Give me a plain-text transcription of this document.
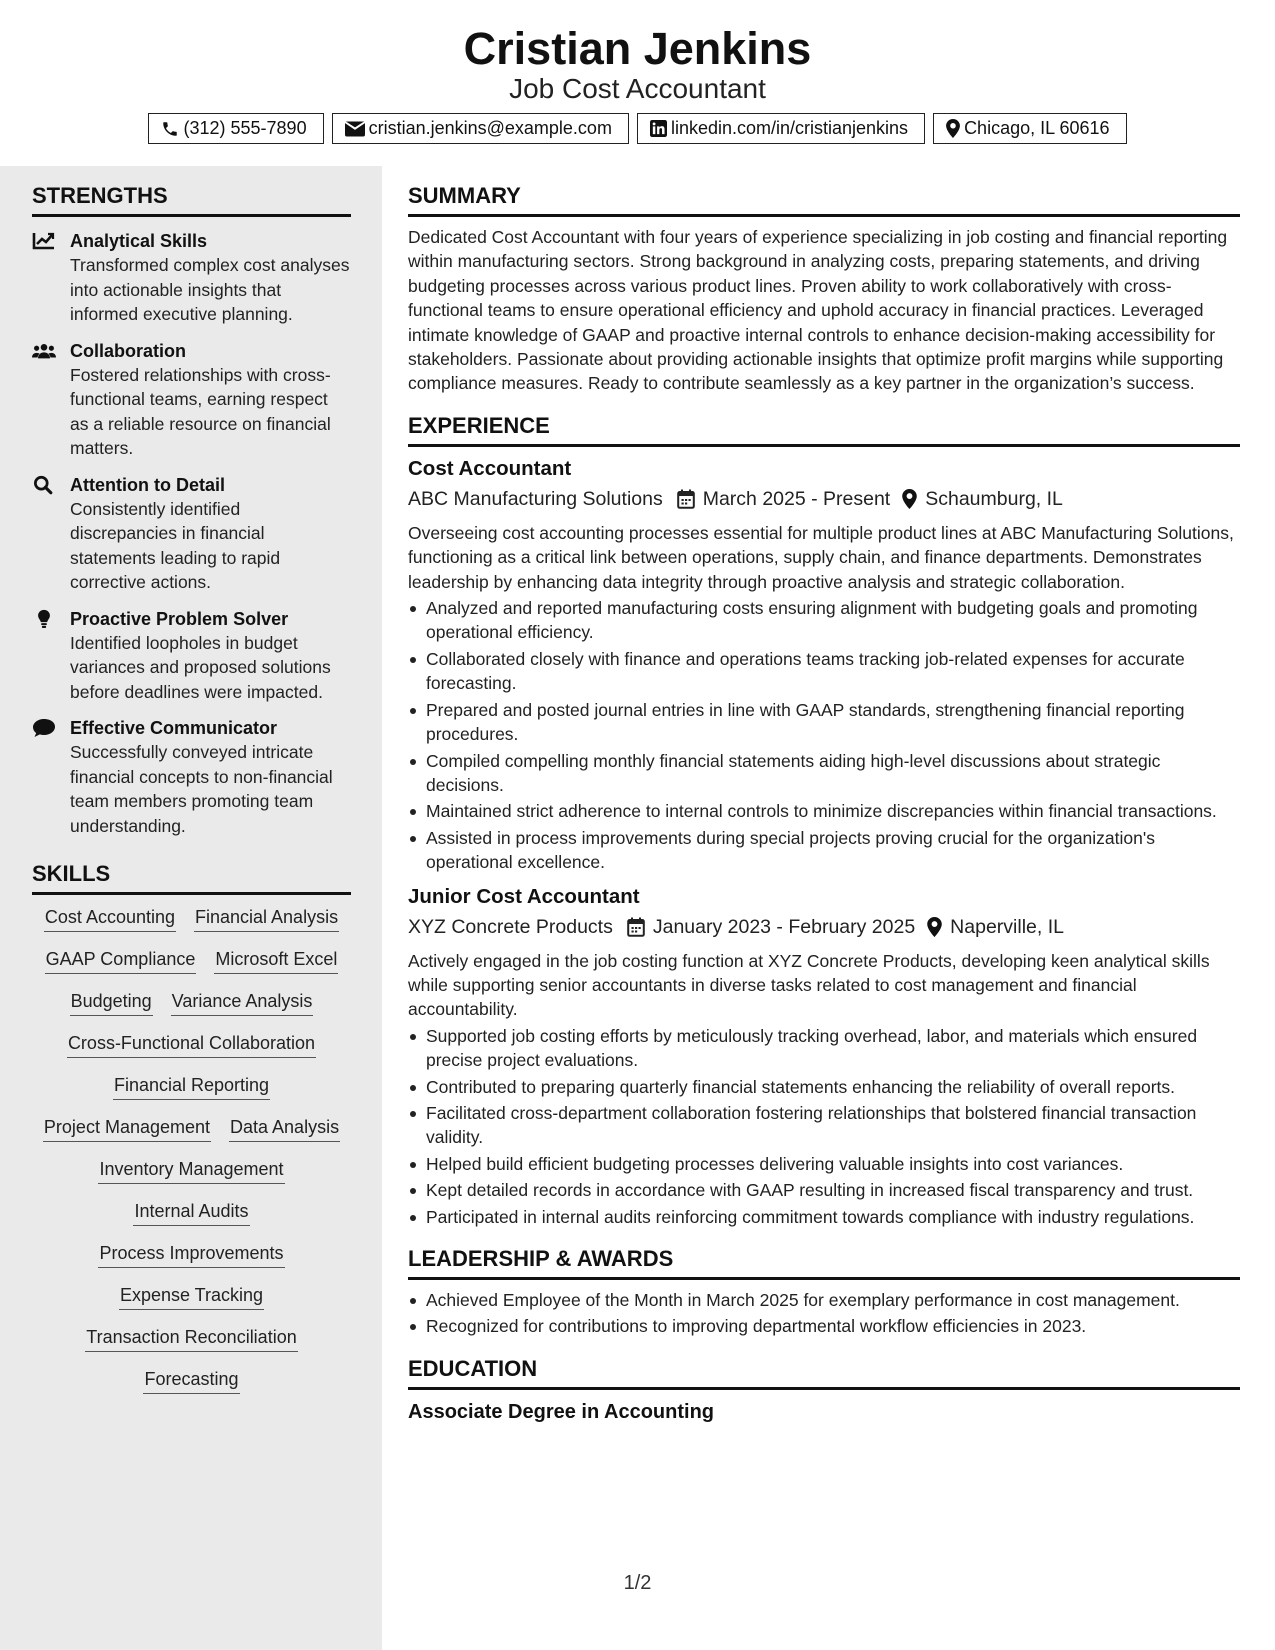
Cristian Jenkins
Job Cost Accountant
(312) 555-7890	cristian.jenkins@example.com	linkedin.com/in/cristianjenkins	Chicago, IL 60616
STRENGTHS
Analytical Skills
Transformed complex cost analyses into actionable insights that informed executive planning.
Collaboration
Fostered relationships with cross-functional teams, earning respect as a reliable resource on financial matters.
Attention to Detail
Consistently identified discrepancies in financial statements leading to rapid corrective actions.
Proactive Problem Solver
Identified loopholes in budget variances and proposed solutions before deadlines were impacted.
Effective Communicator
Successfully conveyed intricate financial concepts to non-financial team members promoting team understanding.
SKILLS
Cost Accounting Financial Analysis
GAAP Compliance Microsoft Excel
Budgeting Variance Analysis
Cross-Functional Collaboration
Financial Reporting
Project Management Data Analysis
Inventory Management
Internal Audits
Process Improvements
Expense Tracking
Transaction Reconciliation
Forecasting
SUMMARY
Dedicated Cost Accountant with four years of experience specializing in job costing and financial reporting within manufacturing sectors. Strong background in analyzing costs, preparing statements, and driving budgeting processes across various product lines. Proven ability to work collaboratively with cross-functional teams to ensure operational efficiency and uphold accuracy in financial practices. Leveraged intimate knowledge of GAAP and proactive internal controls to enhance decision-making accessibility for stakeholders. Passionate about providing actionable insights that optimize profit margins while supporting compliance measures. Ready to contribute seamlessly as a key partner in the organization’s success.
EXPERIENCE
Cost Accountant
ABC Manufacturing Solutions March 2025 - Present Schaumburg, IL
Overseeing cost accounting processes essential for multiple product lines at ABC Manufacturing Solutions, functioning as a critical link between operations, supply chain, and finance departments. Demonstrates leadership by enhancing data integrity through proactive analysis and strategic collaboration.
Analyzed and reported manufacturing costs ensuring alignment with budgeting goals and promoting operational efficiency.
Collaborated closely with finance and operations teams tracking job-related expenses for accurate forecasting.
Prepared and posted journal entries in line with GAAP standards, strengthening financial reporting procedures.
Compiled compelling monthly financial statements aiding high-level discussions about strategic decisions.
Maintained strict adherence to internal controls to minimize discrepancies within financial transactions.
Assisted in process improvements during special projects proving crucial for the organization's operational excellence.
Junior Cost Accountant
XYZ Concrete Products January 2023 - February 2025 Naperville, IL
Actively engaged in the job costing function at XYZ Concrete Products, developing keen analytical skills while supporting senior accountants in diverse tasks related to cost management and financial accountability.
Supported job costing efforts by meticulously tracking overhead, labor, and materials which ensured precise project evaluations.
Contributed to preparing quarterly financial statements enhancing the reliability of overall reports.
Facilitated cross-department collaboration fostering relationships that bolstered financial transaction validity.
Helped build efficient budgeting processes delivering valuable insights into cost variances.
Kept detailed records in accordance with GAAP resulting in increased fiscal transparency and trust.
Participated in internal audits reinforcing commitment towards compliance with industry regulations.
LEADERSHIP & AWARDS
Achieved Employee of the Month in March 2025 for exemplary performance in cost management.
Recognized for contributions to improving departmental workflow efficiencies in 2023.
EDUCATION
Associate Degree in Accounting
1/2
